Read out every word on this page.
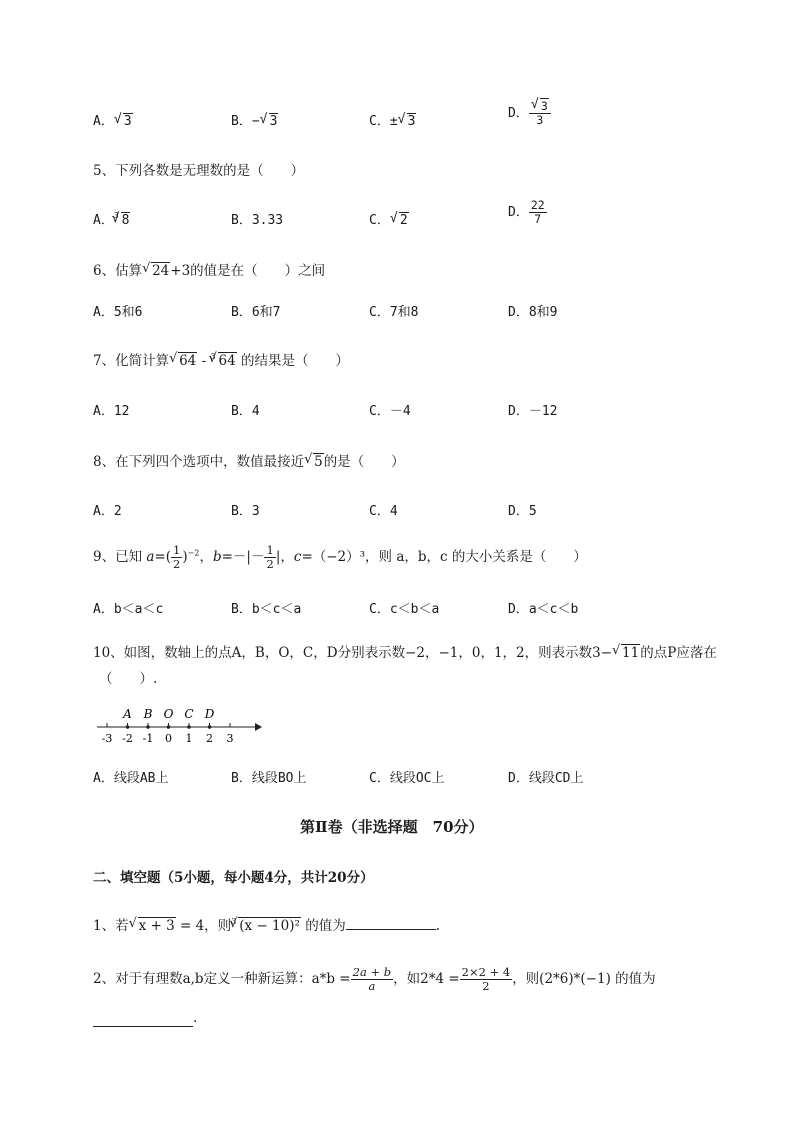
A． √ 3	B．− √ 3	C．± √ 3
D． √ $\frac{3}{3}$
5、下列各数是无理数的是（　　）
A．$^3$ √ 8	B．3.33	C． √ 2
D． $\frac{22}{7}$
6、估算 √ 24+3的值是在（　　）之间
A．5和6	B．6和7	C．7和8	D．8和9
7、化简计算 √ 64 - $^3$ √ 64 的结果是（　　）
A．12	B．4	C．－4	D．－12
8、在下列四个选项中，数值最接近 √ 5的是（　　）
A．2	B．3	C．4	D．5
9、已知 $a=( \frac{1}{2} )^{-2}$，$b=-|- \frac{1}{2}$ |，c=（−2）³，则 a，b，c 的大小关系是（　　）
A．b＜a＜c	B．b＜c＜a	C．c＜b＜a	D．a＜c＜b
10、如图，数轴上的点A，B，O，C，D分别表示数−2，−1，0，1，2，则表示数3− √ 11的点P应落在
（　　）.
-3 -2 -1 0 1 2 3
A B O C D
A．线段AB上	B．线段BO上	C．线段OC上	D．线段CD上
第Ⅱ卷（非选择题　70分）
二、填空题（5小题，每小题4分，共计20分）
1、若 √ x + 3 = 4，则$^3$ √ (x − 10)² 的值为	.
2、对于有理数a,b定义一种新运算：$a*b = \frac{2a + b}{a}$ ，如$2*4 = \frac{2\times 2 + 4}{2}$ ，则(2*6)*(−1) 的值为
.
